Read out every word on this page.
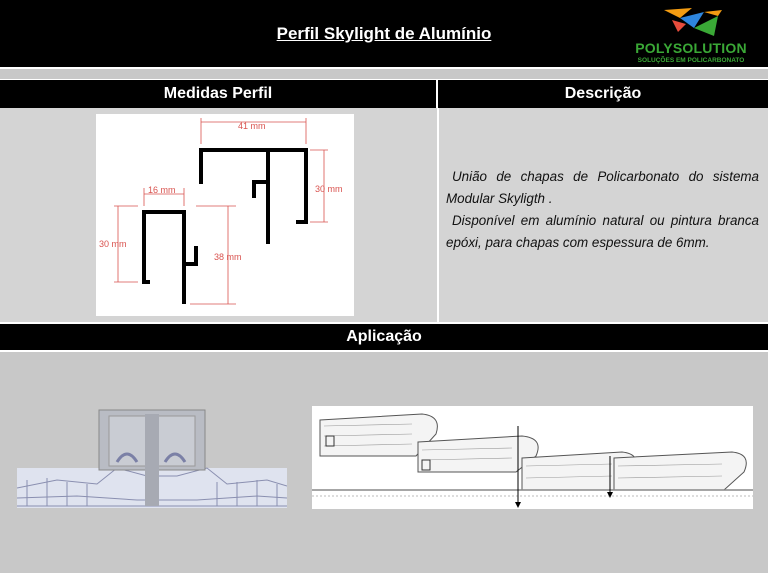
Perfil Skylight de Alumínio
POLYSOLUTION
SOLUÇÕES EM POLICARBONATO
Medidas Perfil	Descrição
41 mm
30 mm
16 mm
30 mm
38 mm

União de chapas de Policarbonato do sistema Modular Skyligth .

Disponível em alumínio natural ou pintura branca epóxi, para chapas com espessura de 6mm.

Aplicação
